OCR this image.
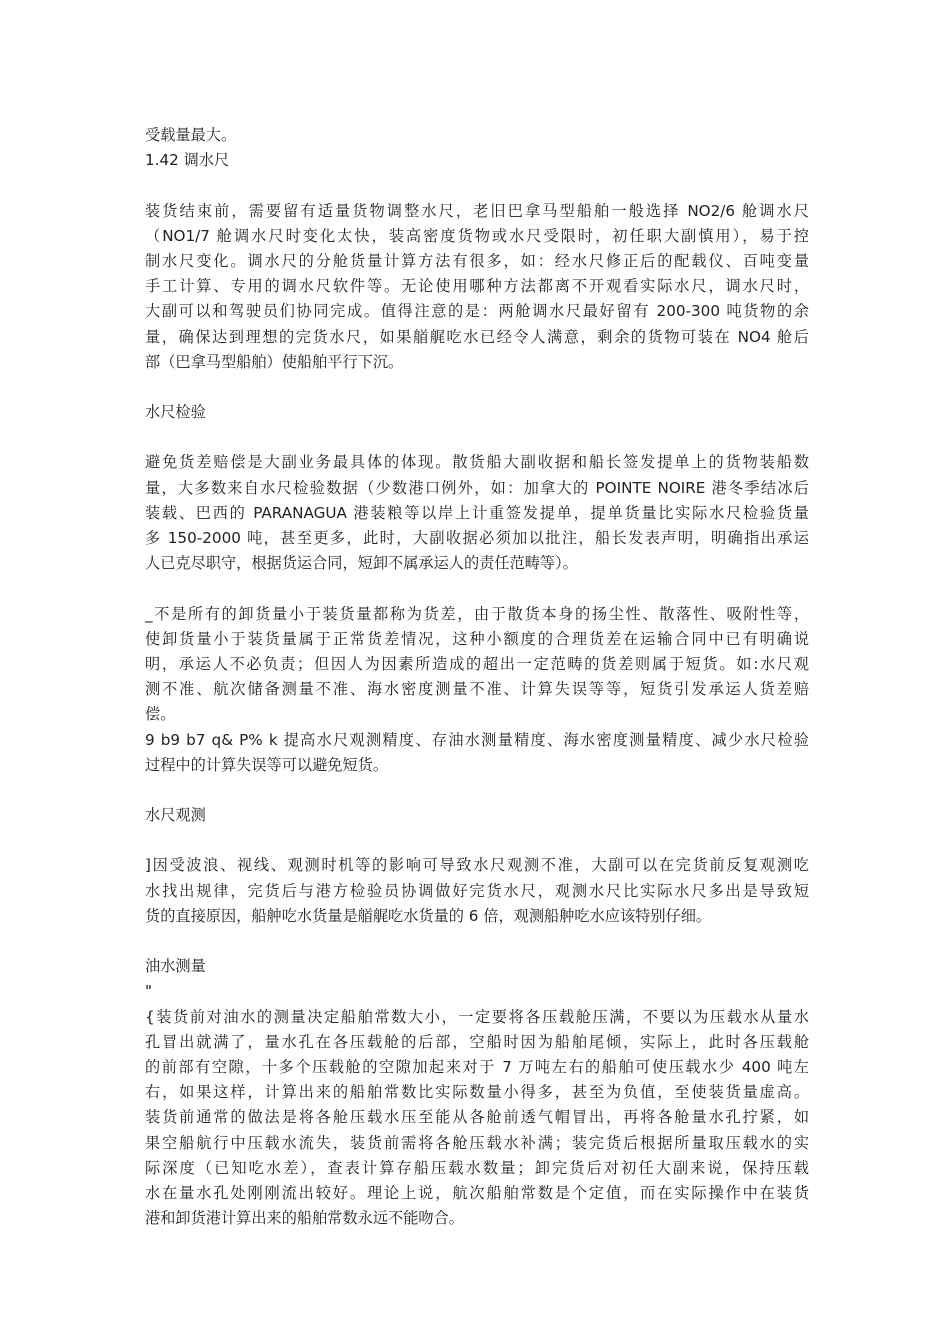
受载量最大。
1.42 调水尺
装货结束前，需要留有适量货物调整水尺，老旧巴拿马型船舶一般选择 NO2/6 舱调水尺
（NO1/7 舱调水尺时变化太快，装高密度货物或水尺受限时，初任职大副慎用），易于控
制水尺变化。调水尺的分舱货量计算方法有很多，如：经水尺修正后的配载仪、百吨变量
手工计算、专用的调水尺软件等。无论使用哪种方法都离不开观看实际水尺，调水尺时，
大副可以和驾驶员们协同完成。值得注意的是：两舱调水尺最好留有 200-300 吨货物的余
量，确保达到理想的完货水尺，如果艏艉吃水已经令人满意，剩余的货物可装在 NO4 舱后
部（巴拿马型船舶）使船舶平行下沉。
水尺检验
避免货差赔偿是大副业务最具体的体现。散货船大副收据和船长签发提单上的货物装船数
量，大多数来自水尺检验数据（少数港口例外，如：加拿大的 POINTE NOIRE 港冬季结冰后
装载、巴西的 PARANAGUA 港装粮等以岸上计重签发提单，提单货量比实际水尺检验货量
多 150-2000 吨，甚至更多，此时，大副收据必须加以批注，船长发表声明，明确指出承运
人已克尽职守，根据货运合同，短卸不属承运人的责任范畴等）。
_不是所有的卸货量小于装货量都称为货差，由于散货本身的扬尘性、散落性、吸附性等，
使卸货量小于装货量属于正常货差情况，这种小额度的合理货差在运输合同中已有明确说
明，承运人不必负责；但因人为因素所造成的超出一定范畴的货差则属于短货。如:水尺观
测不准、航次储备测量不准、海水密度测量不准、计算失误等等，短货引发承运人货差赔
偿。
9 b9 b7 q& P% k 提高水尺观测精度、存油水测量精度、海水密度测量精度、减少水尺检验
过程中的计算失误等可以避免短货。
水尺观测
]因受波浪、视线、观测时机等的影响可导致水尺观测不准，大副可以在完货前反复观测吃
水找出规律，完货后与港方检验员协调做好完货水尺，观测水尺比实际水尺多出是导致短
货的直接原因，船舯吃水货量是艏艉吃水货量的 6 倍，观测船舯吃水应该特别仔细。
油水测量
"
{装货前对油水的测量决定船舶常数大小，一定要将各压载舱压满，不要以为压载水从量水
孔冒出就满了，量水孔在各压载舱的后部，空船时因为船舶尾倾，实际上，此时各压载舱
的前部有空隙，十多个压载舱的空隙加起来对于 7 万吨左右的船舶可使压载水少 400 吨左
右，如果这样，计算出来的船舶常数比实际数量小得多，甚至为负值，至使装货量虚高。
装货前通常的做法是将各舱压载水压至能从各舱前透气帽冒出，再将各舱量水孔拧紧，如
果空船航行中压载水流失，装货前需将各舱压载水补满；装完货后根据所量取压载水的实
际深度（已知吃水差），查表计算存船压载水数量；卸完货后对初任大副来说，保持压载
水在量水孔处刚刚流出较好。理论上说，航次船舶常数是个定值，而在实际操作中在装货
港和卸货港计算出来的船舶常数永远不能吻合。
